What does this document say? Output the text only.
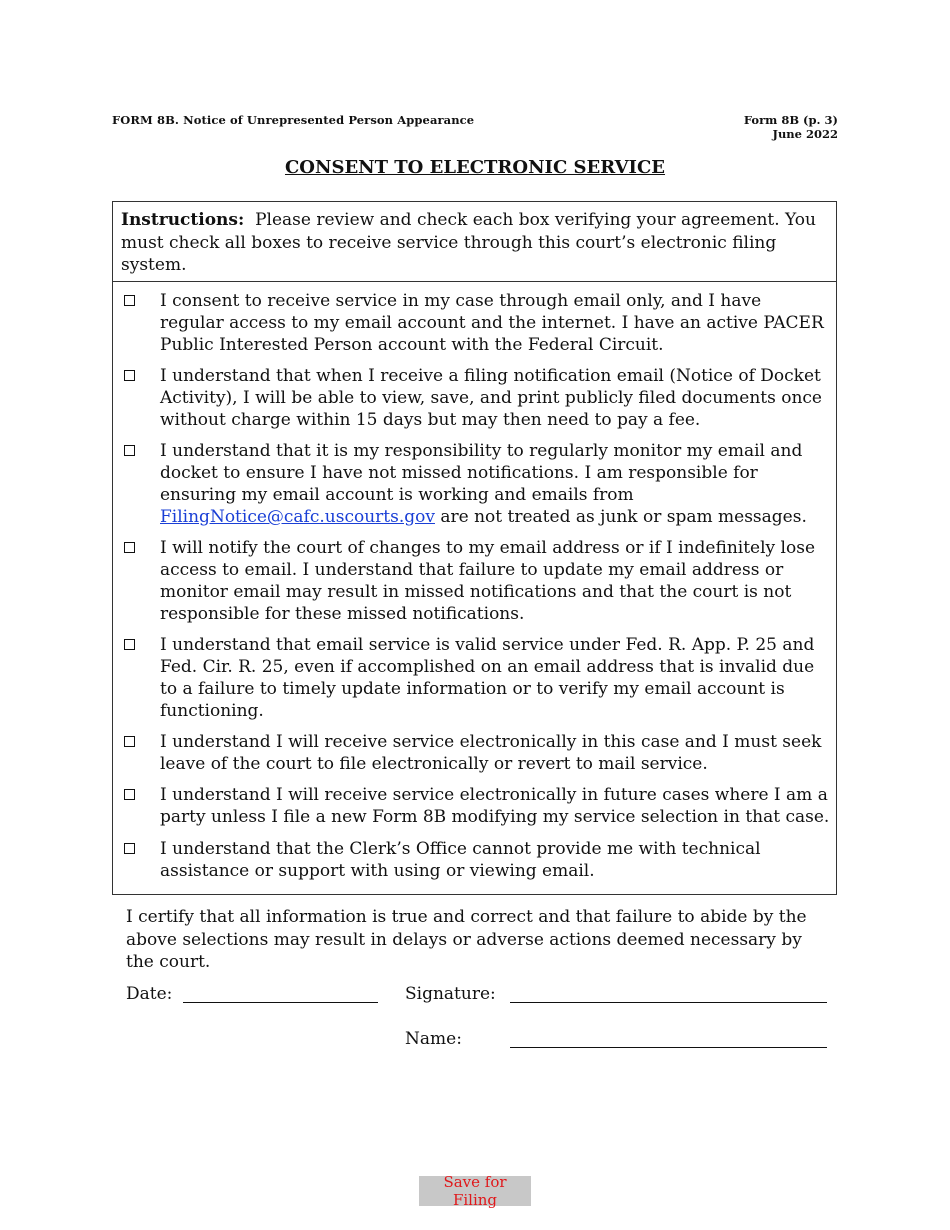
FORM 8B. Notice of Unrepresented Person Appearance	Form 8B (p. 3)
June 2022
CONSENT TO ELECTRONIC SERVICE
Instructions: Please review and check each box verifying your agreement. You must check all boxes to receive service through this court’s electronic filing system.
I consent to receive service in my case through email only, and I have regular access to my email account and the internet. I have an active PACER Public Interested Person account with the Federal Circuit.
I understand that when I receive a filing notification email (Notice of Docket Activity), I will be able to view, save, and print publicly filed documents once without charge within 15 days but may then need to pay a fee.
I understand that it is my responsibility to regularly monitor my email and docket to ensure I have not missed notifications. I am responsible for ensuring my email account is working and emails from FilingNotice@cafc.uscourts.gov are not treated as junk or spam messages.
I will notify the court of changes to my email address or if I indefinitely lose access to email. I understand that failure to update my email address or monitor email may result in missed notifications and that the court is not responsible for these missed notifications.
I understand that email service is valid service under Fed. R. App. P. 25 and Fed. Cir. R. 25, even if accomplished on an email address that is invalid due to a failure to timely update information or to verify my email account is functioning.
I understand I will receive service electronically in this case and I must seek leave of the court to file electronically or revert to mail service.
I understand I will receive service electronically in future cases where I am a party unless I file a new Form 8B modifying my service selection in that case.
I understand that the Clerk’s Office cannot provide me with technical assistance or support with using or viewing email.
I certify that all information is true and correct and that failure to abide by the above selections may result in delays or adverse actions deemed necessary by the court.
Date:	Signature:
Name:
Save for Filing
